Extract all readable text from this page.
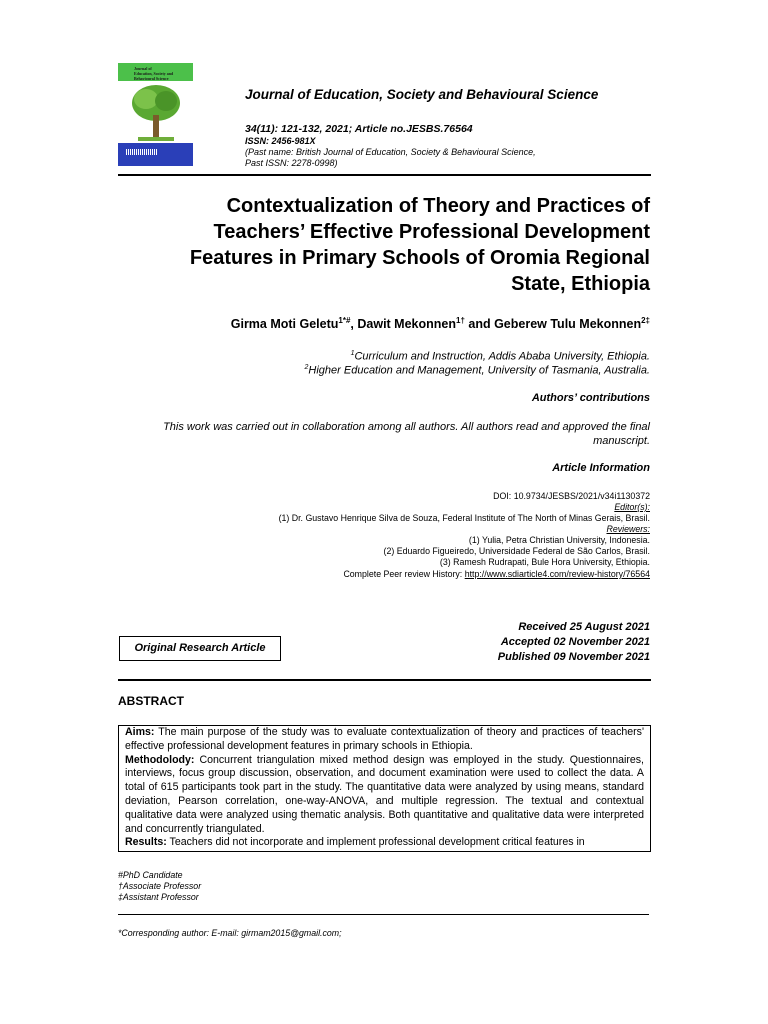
Journal of
Education, Society and
Behavioural Science
Journal of Education, Society and Behavioural Science
34(11): 121-132, 2021; Article no.JESBS.76564
ISSN: 2456-981X
(Past name: British Journal of Education, Society & Behavioural Science,
Past ISSN: 2278-0998)
Contextualization of Theory and Practices of
Teachers’ Effective Professional Development
Features in Primary Schools of Oromia Regional
State, Ethiopia
Girma Moti Geletu$^{1*\#}$, Dawit Mekonnen$^{1\dagger}$ and Geberew Tulu Mekonnen$^{2\ddagger}$
$^1$Curriculum and Instruction, Addis Ababa University, Ethiopia.
$^2$Higher Education and Management, University of Tasmania, Australia.
Authors’ contributions
This work was carried out in collaboration among all authors. All authors read and approved the final manuscript.
Article Information
DOI: 10.9734/JESBS/2021/v34i1130372
Editor(s):
(1) Dr. Gustavo Henrique Silva de Souza, Federal Institute of The North of Minas Gerais, Brasil.
Reviewers:
(1) Yulia, Petra Christian University, Indonesia.
(2) Eduardo Figueiredo, Universidade Federal de São Carlos, Brasil.
(3) Ramesh Rudrapati, Bule Hora University, Ethiopia.
Complete Peer review History: http://www.sdiarticle4.com/review-history/76564
Received 25 August 2021
Accepted 02 November 2021
Published 09 November 2021
Original Research Article
ABSTRACT
Aims: The main purpose of the study was to evaluate contextualization of theory and practices of teachers' effective professional development features in primary schools in Ethiopia.
Methodolody: Concurrent triangulation mixed method design was employed in the study. Questionnaires, interviews, focus group discussion, observation, and document examination were used to collect the data. A total of 615 participants took part in the study. The quantitative data were analyzed by using means, standard deviation, Pearson correlation, one-way-ANOVA, and multiple regression. The textual and contextual qualitative data were analyzed using thematic analysis. Both quantitative and qualitative data were interpreted and concurrently triangulated.
Results: Teachers did not incorporate and implement professional development critical features in
#PhD Candidate
†Associate Professor
‡Assistant Professor
*Corresponding author: E-mail: girmam2015@gmail.com;
